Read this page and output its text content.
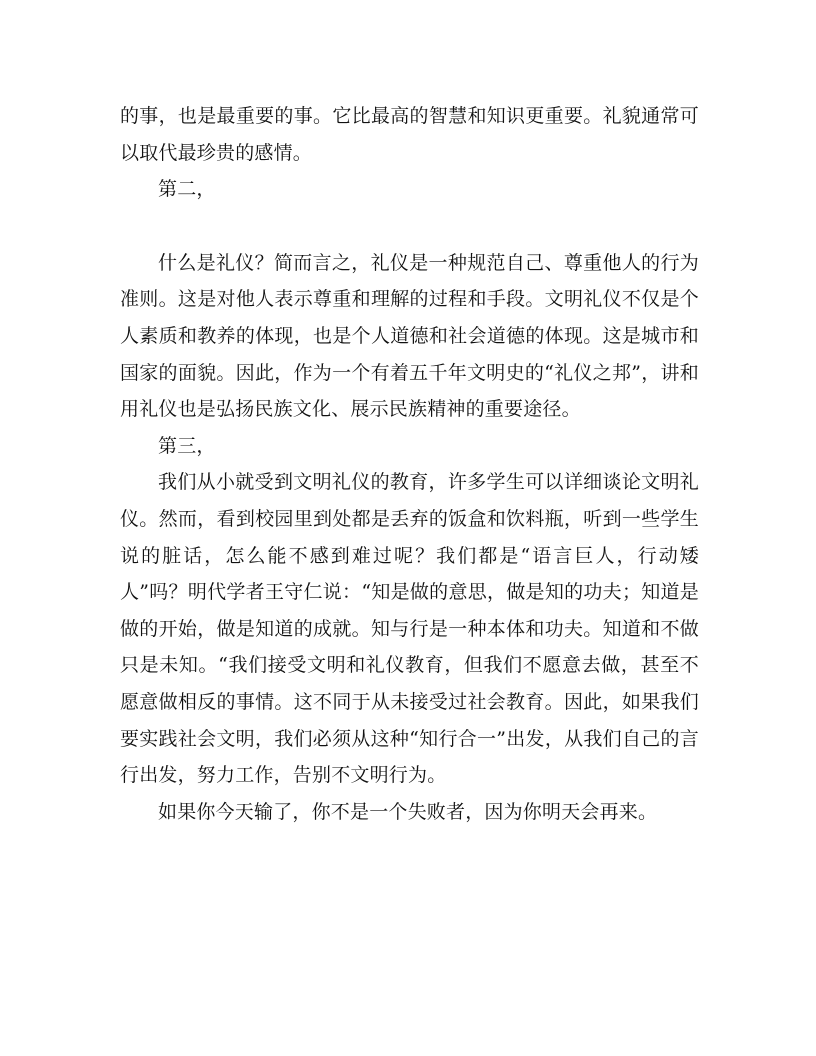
的事，也是最重要的事。它比最高的智慧和知识更重要。礼貌通常可以取代最珍贵的感情。

第二，

什么是礼仪？简而言之，礼仪是一种规范自己、尊重他人的行为准则。这是对他人表示尊重和理解的过程和手段。文明礼仪不仅是个人素质和教养的体现，也是个人道德和社会道德的体现。这是城市和国家的面貌。因此，作为一个有着五千年文明史的“礼仪之邦”，讲和用礼仪也是弘扬民族文化、展示民族精神的重要途径。

第三，

我们从小就受到文明礼仪的教育，许多学生可以详细谈论文明礼仪。然而，看到校园里到处都是丢弃的饭盒和饮料瓶，听到一些学生说的脏话，怎么能不感到难过呢？我们都是“语言巨人，行动矮人”吗？明代学者王守仁说：“知是做的意思，做是知的功夫；知道是做的开始，做是知道的成就。知与行是一种本体和功夫。知道和不做只是未知。“我们接受文明和礼仪教育，但我们不愿意去做，甚至不愿意做相反的事情。这不同于从未接受过社会教育。因此，如果我们要实践社会文明，我们必须从这种“知行合一”出发，从我们自己的言行出发，努力工作，告别不文明行为。

如果你今天输了，你不是一个失败者，因为你明天会再来。
